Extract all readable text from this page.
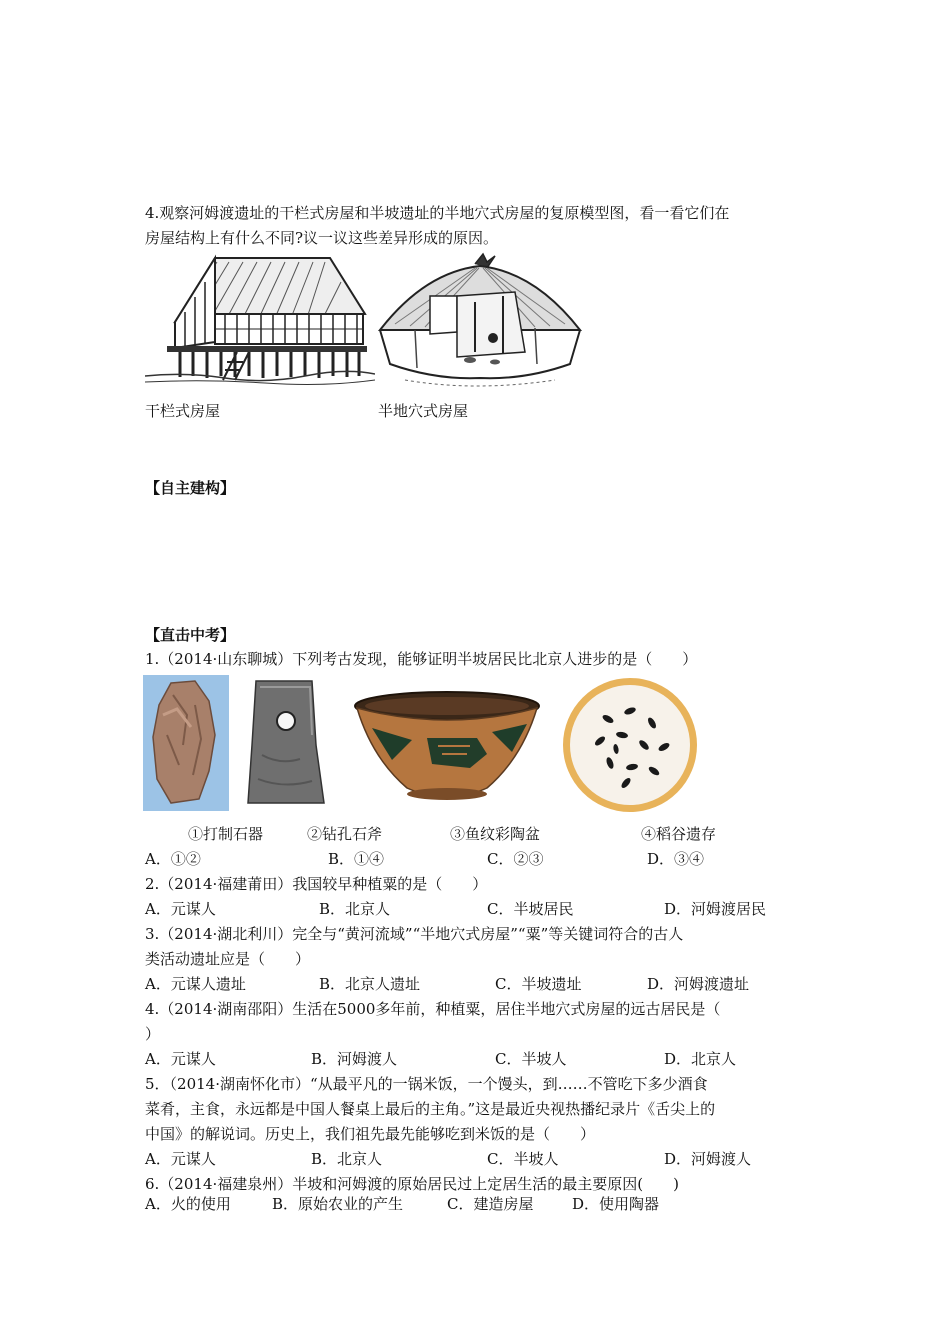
4.观察河姆渡遗址的干栏式房屋和半坡遗址的半地穴式房屋的复原模型图，看一看它们在
房屋结构上有什么不同?议一议这些差异形成的原因。
干栏式房屋	半地穴式房屋
【自主建构】
【直击中考】
1.（2014·山东聊城）下列考古发现，能够证明半坡居民比北京人进步的是（　　）
①打制石器	②钻孔石斧	③鱼纹彩陶盆	④稻谷遗存
A．①②	B．①④	C．②③	D．③④
2.（2014·福建莆田）我国较早种植粟的是（　　）
A．元谋人	B．北京人	C．半坡居民	D．河姆渡居民
3.（2014·湖北利川）完全与“黄河流域”“半地穴式房屋”“粟”等关键词符合的古人
类活动遗址应是（　　）
A．元谋人遗址	B．北京人遗址	C．半坡遗址	D．河姆渡遗址
4.（2014·湖南邵阳）生活在5000多年前，种植粟，居住半地穴式房屋的远古居民是（
）
A．元谋人	B．河姆渡人	C．半坡人	D．北京人
5．（2014·湖南怀化市）“从最平凡的一锅米饭，一个馒头，到……不管吃下多少酒食
菜肴，主食，永远都是中国人餐桌上最后的主角。”这是最近央视热播纪录片《舌尖上的
中国》的解说词。历史上，我们祖先最先能够吃到米饭的是（　　）
A．元谋人	B．北京人	C．半坡人	D．河姆渡人
6.（2014·福建泉州）半坡和河姆渡的原始居民过上定居生活的最主要原因(　　)
A．火的使用	B．原始农业的产生	C．建造房屋	D．使用陶器
